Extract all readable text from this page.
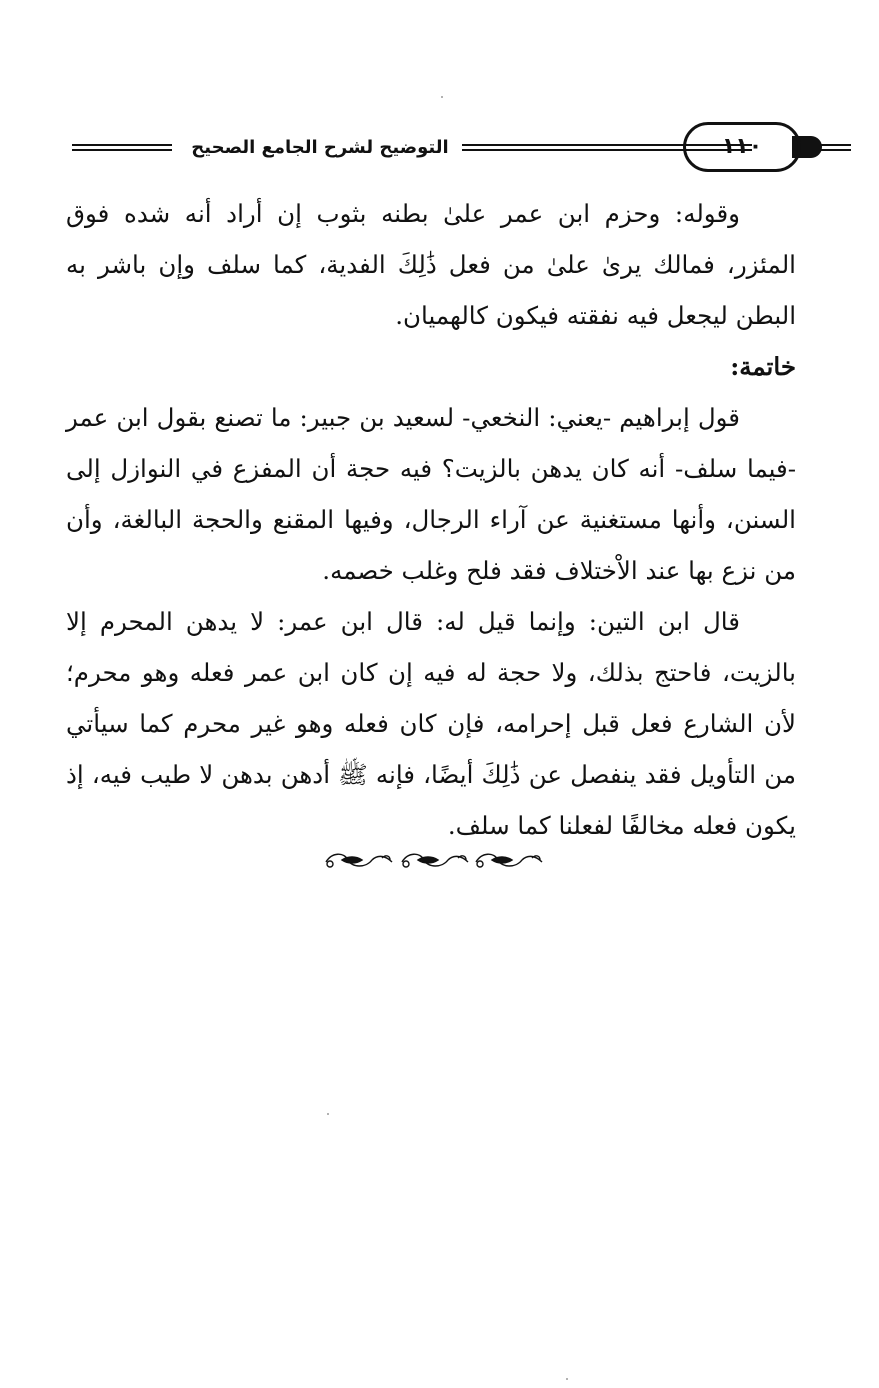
التوضيح لشرح الجامع الصحيح	١١٠

وقوله: وحزم ابن عمر علىٰ بطنه بثوب إن أراد أنه شده فوق المئزر، فمالك يرىٰ علىٰ من فعل ذَٰلِكَ الفدية، كما سلف وإن باشر به البطن ليجعل فيه نفقته فيكون كالهميان.

خاتمة:

قول إبراهيم -يعني: النخعي- لسعيد بن جبير: ما تصنع بقول ابن عمر -فيما سلف- أنه كان يدهن بالزيت؟ فيه حجة أن المفزع في النوازل إلى السنن، وأنها مستغنية عن آراء الرجال، وفيها المقنع والحجة البالغة، وأن من نزع بها عند الاْختلاف فقد فلح وغلب خصمه.

قال ابن التين: وإنما قيل له: قال ابن عمر: لا يدهن المحرم إلا بالزيت، فاحتج بذلك، ولا حجة له فيه إن كان ابن عمر فعله وهو محرم؛ لأن الشارع فعل قبل إحرامه، فإن كان فعله وهو غير محرم كما سيأتي من التأويل فقد ينفصل عن ذَٰلِكَ أيضًا، فإنه ﷺ أدهن بدهن لا طيب فيه، إذ يكون فعله مخالفًا لفعلنا كما سلف.
